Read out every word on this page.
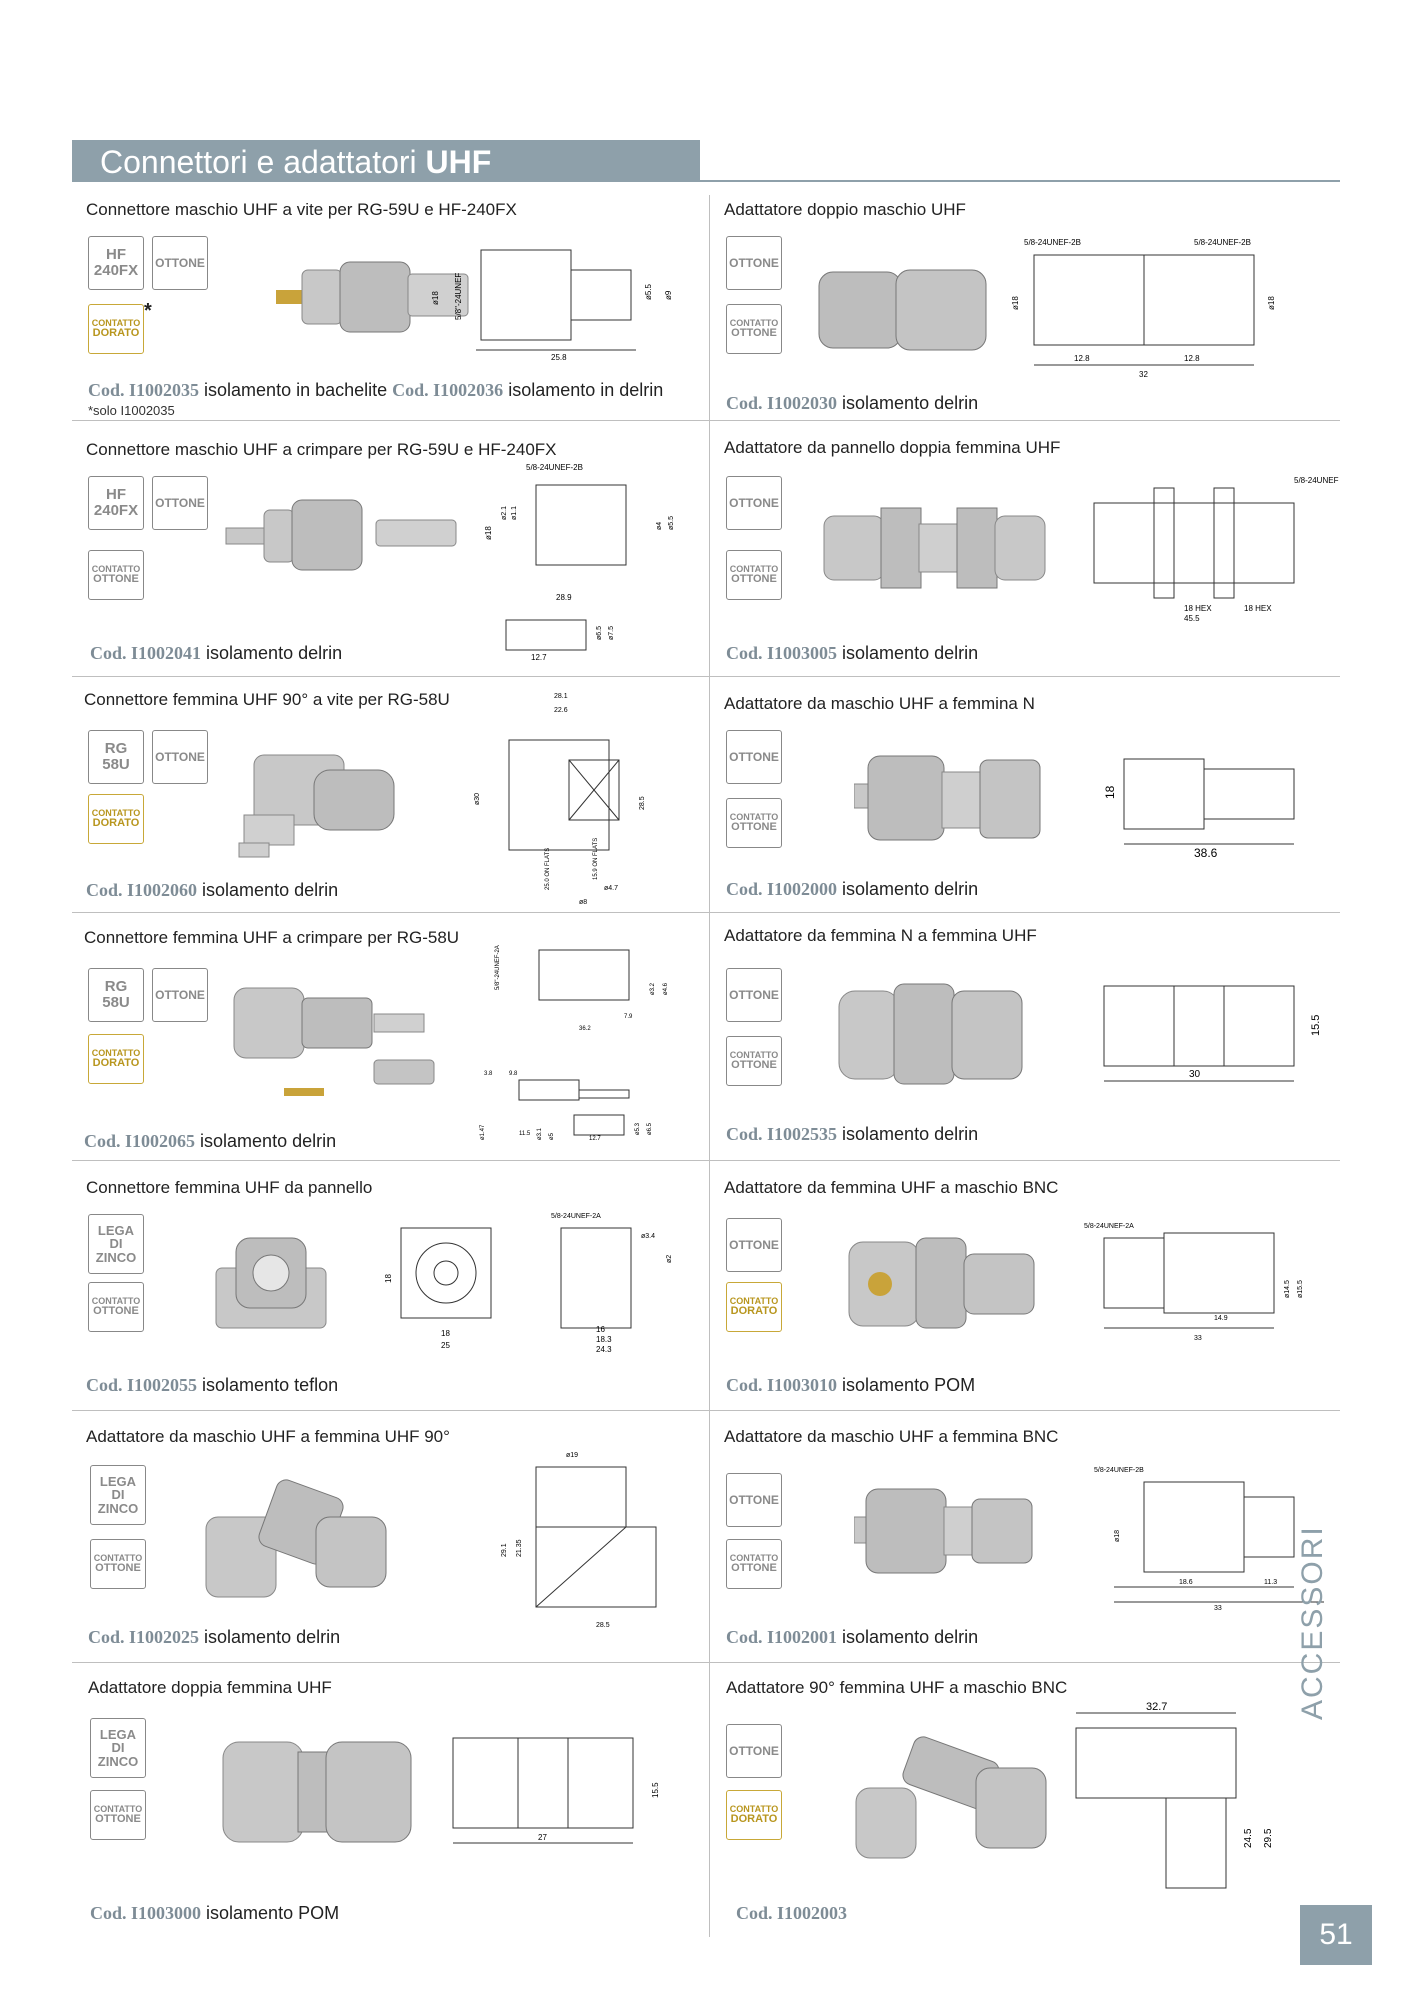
Connettori e adattatori UHF
Connettore maschio UHF a vite per RG-59U e HF-240FX
HF
240FX OTTONE
CONTATTO
DORATO
*
ø18 5/8"-24UNEF	ø5.5 ø9
25.8
Cod. I1002035 isolamento in bachelite Cod. I1002036 isolamento in delrin
*solo I1002035
Adattatore doppio maschio UHF
OTTONE
CONTATTO
OTTONE
5/8-24UNEF-2B	5/8-24UNEF-2B
ø18	ø18
12.8	12.8
32
Cod. I1002030 isolamento delrin
Connettore maschio UHF a crimpare per RG-59U e HF-240FX
HF
240FX OTTONE
CONTATTO
OTTONE
5/8-24UNEF-2B
ø18
ø2.1 ø1.1
ø4 ø5.5
28.9
ø6.5 ø7.5
12.7
Cod. I1002041 isolamento delrin
Adattatore da pannello doppia femmina UHF
OTTONE
CONTATTO
OTTONE
5/8-24UNEF
18 HEX	18 HEX
45.5
Cod. I1003005 isolamento delrin
Connettore femmina UHF 90° a vite per RG-58U
RG
58U OTTONE
CONTATTO
DORATO
28.1
22.6
ø30	28.5
25.0 ON FLATS	15.9 ON FLATS
ø4.7
ø8
Cod. I1002060 isolamento delrin
Adattatore da maschio UHF a femmina N
OTTONE
CONTATTO
OTTONE
18
38.6
Cod. I1002000 isolamento delrin
Connettore femmina UHF a crimpare per RG-58U
RG
58U OTTONE
CONTATTO
DORATO
5/8"-24UNEF-2A	ø3.2 ø4.6
7.9
36.2
3.8	9.8
ø1.47	11.5 ø3.1 ø5	12.7
ø5.3 ø6.5
Cod. I1002065 isolamento delrin
Adattatore da femmina N a femmina UHF
OTTONE
CONTATTO
OTTONE
15.5
30
Cod. I1002535 isolamento delrin
Connettore femmina UHF da pannello
LEGA
DI
ZINCO
CONTATTO
OTTONE
18
18
25
5/8-24UNEF-2A
ø3.4
ø2
16
18.3
24.3
Cod. I1002055 isolamento teflon
Adattatore da femmina UHF a maschio BNC
OTTONE
CONTATTO
DORATO
5/8-24UNEF-2A
ø14.5 ø15.5
14.9
33
Cod. I1003010 isolamento POM
Adattatore da maschio UHF a femmina UHF 90°
LEGA
DI
ZINCO
CONTATTO
OTTONE
ø19
29.1 21.35
28.5
Cod. I1002025 isolamento delrin
Adattatore da maschio UHF a femmina BNC
OTTONE
CONTATTO
OTTONE
5/8-24UNEF-2B
ø18
18.6	11.3
33
Cod. I1002001 isolamento delrin
Adattatore doppia femmina UHF
LEGA
DI
ZINCO
CONTATTO
OTTONE
15.5
27
Cod. I1003000 isolamento POM
Adattatore 90° femmina UHF a maschio BNC
OTTONE
CONTATTO
DORATO
32.7
24.5 29.5
Cod. I1002003
ACCESSORI
51
